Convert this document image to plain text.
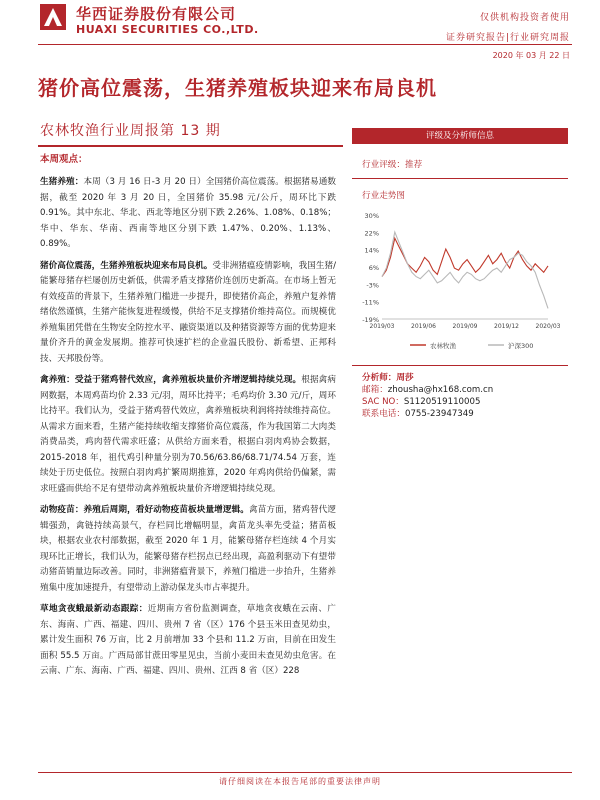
华西证券股份有限公司
HUAXI SECURITIES CO.,LTD.
仅供机构投资者使用
证券研究报告|行业研究周报
2020 年 03 月 22 日
猪价高位震荡，生猪养殖板块迎来布局良机
农林牧渔行业周报第 13 期
本周观点：

生猪养殖：本周（3 月 16 日-3 月 20 日）全国猪价高位震荡。根据猪易通数据，截至 2020 年 3 月 20 日，全国猪价 35.98 元/公斤，周环比下跌 0.91%。其中东北、华北、西北等地区分别下跌 2.26%、1.08%、0.18%；华中、华东、华南、西南等地区分别下跌 1.47%、0.20%、1.13%、0.89%。

猪价高位震荡，生猪养殖板块迎来布局良机。受非洲猪瘟疫情影响，我国生猪/能繁母猪存栏屡创历史新低，供需矛盾支撑猪价连创历史新高。在市场上暂无有效疫苗的背景下，生猪养殖门槛进一步提升，即使猪价高企，养殖户复养情绪依然谨慎，生猪产能恢复进程缓慢，供给不足支撑猪价维持高位。而规模优养殖集团凭借在生物安全防控水平、融资渠道以及种猪资源等方面的优势迎来量价齐升的黄金发展期。推荐可快速扩栏的企业温氏股份、新希望、正邦科技、天邦股份等。

禽养殖：受益于猪鸡替代效应，禽养殖板块量价齐增逻辑持续兑现。根据禽病网数据，本周鸡苗均价 2.33 元/羽，周环比持平；毛鸡均价 3.30 元/斤，周环比持平。我们认为，受益于猪鸡替代效应，禽养殖板块利润将持续维持高位。从需求方面来看，生猪产能持续收缩支撑猪价高位震荡，作为我国第二大肉类消费品类，鸡肉替代需求旺盛；从供给方面来看，根据白羽肉鸡协会数据，2015-2018 年，祖代鸡引种量分别为70.56/63.86/68.71/74.54 万套，连续处于历史低位。按照白羽肉鸡扩繁周期推算，2020 年鸡肉供给仍偏紧，需求旺盛而供给不足有望带动禽养殖板块量价齐增逻辑持续兑现。

动物疫苗：养殖后周期，看好动物疫苗板块量增逻辑。禽苗方面，猪鸡替代逻辑强劲，禽链持续高景气，存栏同比增幅明显，禽苗龙头率先受益；猪苗板块，根据农业农村部数据，截至 2020 年 1 月，能繁母猪存栏连续 4 个月实现环比正增长，我们认为，能繁母猪存栏拐点已经出现，高盈利驱动下有望带动猪苗销量边际改善。同时，非洲猪瘟背景下，养殖门槛进一步抬升，生猪养殖集中度加速提升，有望带动上游动保龙头市占率提升。

草地贪夜蛾最新动态跟踪：近期南方省份监测调查，草地贪夜蛾在云南、广东、海南、广西、福建、四川、贵州 7 省（区）176 个县玉米田查见幼虫，累计发生面积 76 万亩，比 2 月前增加 33 个县和 11.2 万亩，目前在田发生面积 55.5 万亩。广西局部甘蔗田零星见虫，当前小麦田未查见幼虫危害。在云南、广东、海南、广西、福建、四川、贵州、江西 8 省（区）228

评级及分析师信息
行业评级：推荐
行业走势图
30%
22%
14%
6%
-3%
-11%
-19%
2019/03	2019/06	2019/09	2019/12	2020/03
农林牧渔	沪深300
分析师：周莎
邮箱：zhousha@hx168.com.cn
SAC NO：S1120519110005
联系电话：0755-23947349
请仔细阅读在本报告尾部的重要法律声明
